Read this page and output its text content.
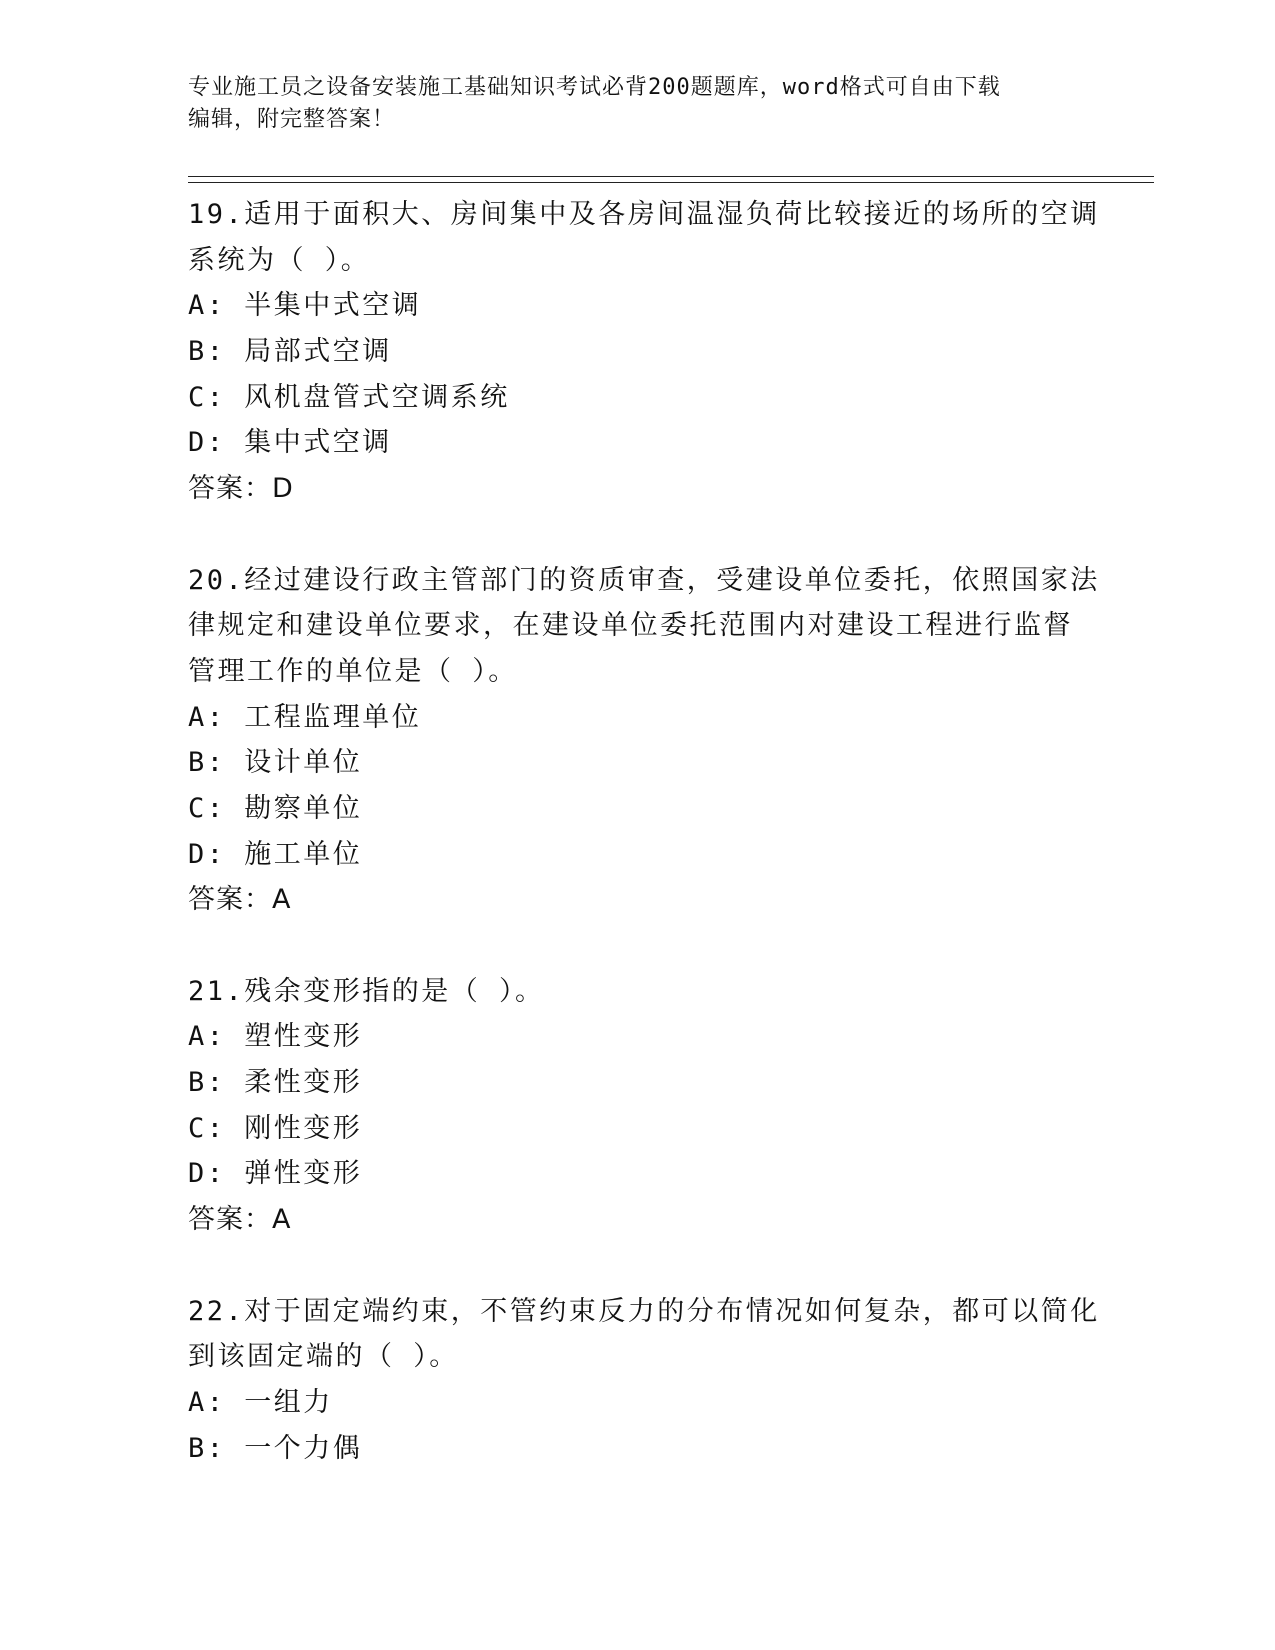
专业施工员之设备安装施工基础知识考试必背200题题库，word格式可自由下载
编辑，附完整答案！
19.适用于面积大、房间集中及各房间温湿负荷比较接近的场所的空调
系统为（ ）。
A: 半集中式空调
B: 局部式空调
C: 风机盘管式空调系统
D: 集中式空调
答案：D
20.经过建设行政主管部门的资质审查，受建设单位委托，依照国家法
律规定和建设单位要求，在建设单位委托范围内对建设工程进行监督
管理工作的单位是（ ）。
A: 工程监理单位
B: 设计单位
C: 勘察单位
D: 施工单位
答案：A
21.残余变形指的是（ ）。
A: 塑性变形
B: 柔性变形
C: 刚性变形
D: 弹性变形
答案：A
22.对于固定端约束，不管约束反力的分布情况如何复杂，都可以简化
到该固定端的（ ）。
A: 一组力
B: 一个力偶
